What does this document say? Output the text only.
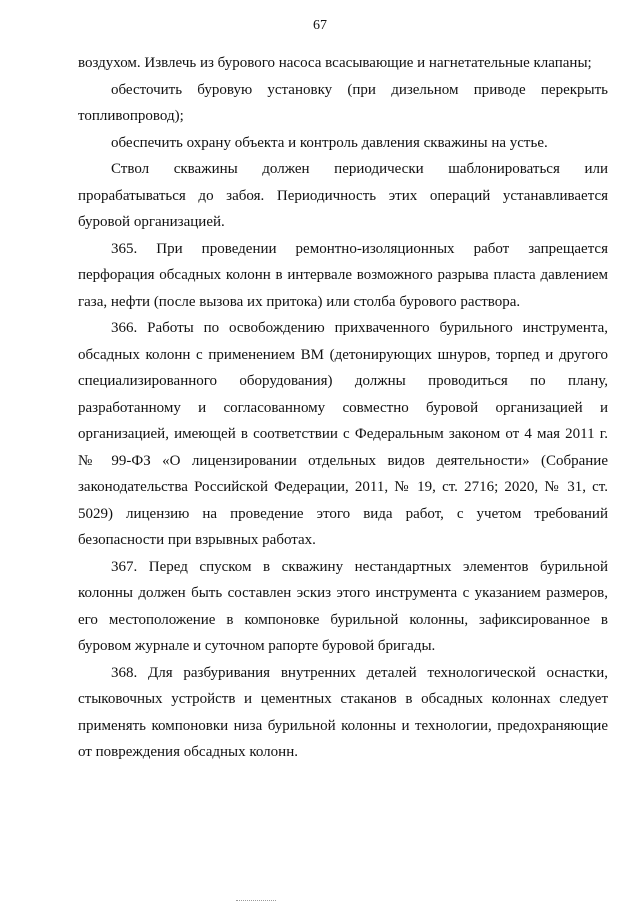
67

воздухом. Извлечь из бурового насоса всасывающие и нагнетательные клапаны;

обесточить буровую установку (при дизельном приводе перекрыть топливопровод);

обеспечить охрану объекта и контроль давления скважины на устье.

Ствол скважины должен периодически шаблонироваться или прорабатываться до забоя. Периодичность этих операций устанавливается буровой организацией.

365. При проведении ремонтно-изоляционных работ запрещается перфорация обсадных колонн в интервале возможного разрыва пласта давлением газа, нефти (после вызова их притока) или столба бурового раствора.

366. Работы по освобождению прихваченного бурильного инструмента, обсадных колонн с применением ВМ (детонирующих шнуров, торпед и другого специализированного оборудования) должны проводиться по плану, разработанному и согласованному совместно буровой организацией и организацией, имеющей в соответствии с Федеральным законом от 4 мая 2011 г. № 99-ФЗ «О лицензировании отдельных видов деятельности» (Собрание законодательства Российской Федерации, 2011, № 19, ст. 2716; 2020, № 31, ст. 5029) лицензию на проведение этого вида работ, с учетом требований безопасности при взрывных работах.

367. Перед спуском в скважину нестандартных элементов бурильной колонны должен быть составлен эскиз этого инструмента с указанием размеров, его местоположение в компоновке бурильной колонны, зафиксированное в буровом журнале и суточном рапорте буровой бригады.

368. Для разбуривания внутренних деталей технологической оснастки, стыковочных устройств и цементных стаканов в обсадных колоннах следует применять компоновки низа бурильной колонны и технологии, предохраняющие от повреждения обсадных колонн.
